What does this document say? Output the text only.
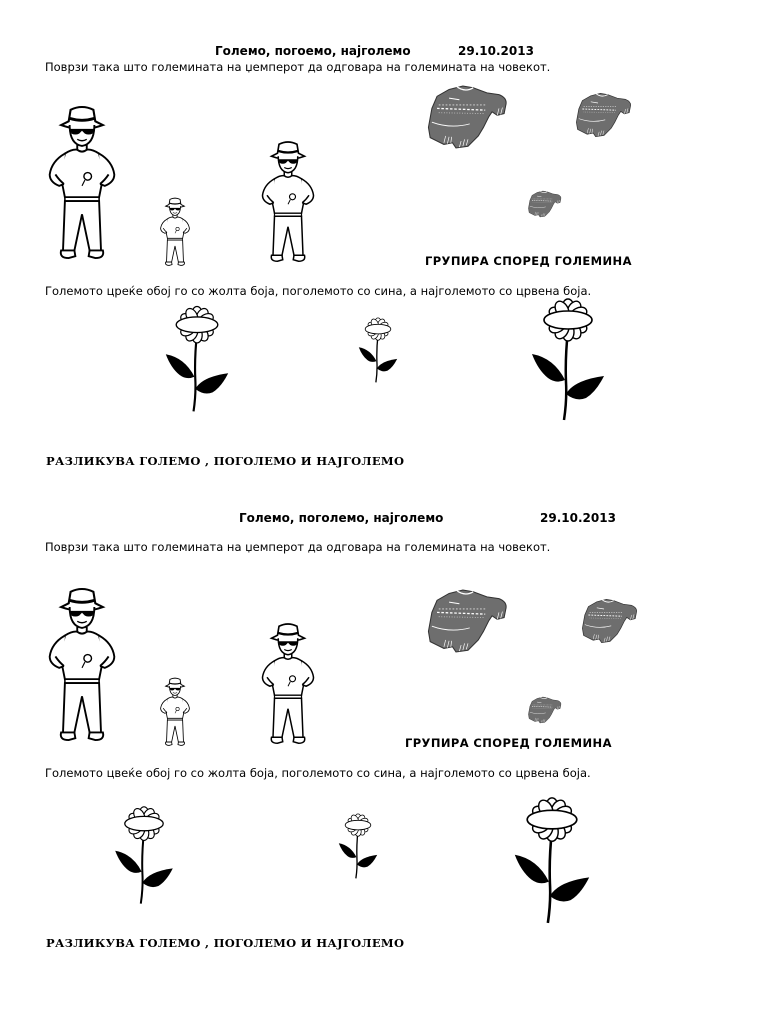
Големо, погоемо, најголемо	29.10.2013
Поврзи така што големината на џемперот да одговара на големината на човекот.
ГРУПИРА СПОРЕД ГОЛЕМИНА
Големото цреќе обој го со жолта боја, поголемото со сина, а најголемото со црвена боја.
РАЗЛИКУВА ГОЛЕМО , ПОГОЛЕМО И НАЈГОЛЕМО
Големо, поголемо, најголемо	29.10.2013
Поврзи така што големината на џемперот да одговара на големината на човекот.
ГРУПИРА СПОРЕД ГОЛЕМИНА
Големото цвеќе обој го со жолта боја, поголемото со сина, а најголемото со црвена боја.
РАЗЛИКУВА ГОЛЕМО , ПОГОЛЕМО И НАЈГОЛЕМО
